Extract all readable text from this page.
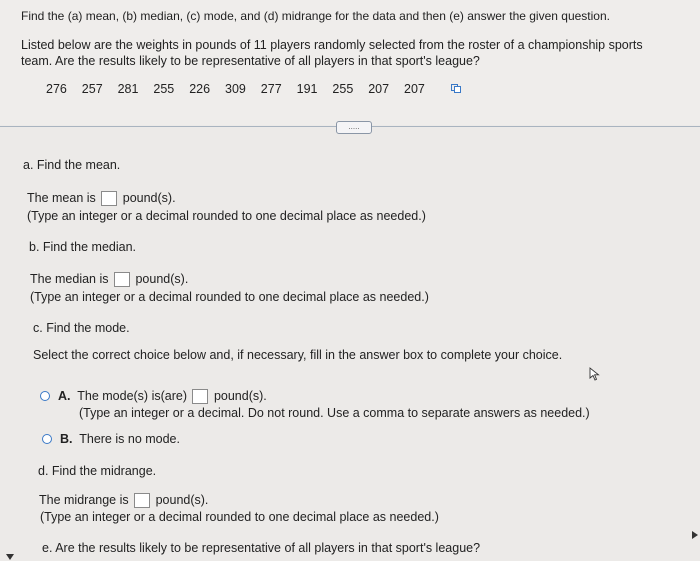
Find the (a) mean, (b) median, (c) mode, and (d) midrange for the data and then (e) answer the given question.
Listed below are the weights in pounds of 11 players randomly selected from the roster of a championship sports
team. Are the results likely to be representative of all players in that sport's league?
276  257  281  255  226  309  277  191  255  207  207
.....
a. Find the mean.
The mean is pound(s).
(Type an integer or a decimal rounded to one decimal place as needed.)
b. Find the median.
The median is pound(s).
(Type an integer or a decimal rounded to one decimal place as needed.)
c. Find the mode.
Select the correct choice below and, if necessary, fill in the answer box to complete your choice.
A. The mode(s) is(are) pound(s).
(Type an integer or a decimal. Do not round. Use a comma to separate answers as needed.)
B. There is no mode.
d. Find the midrange.
The midrange is pound(s).
(Type an integer or a decimal rounded to one decimal place as needed.)
e. Are the results likely to be representative of all players in that sport's league?
